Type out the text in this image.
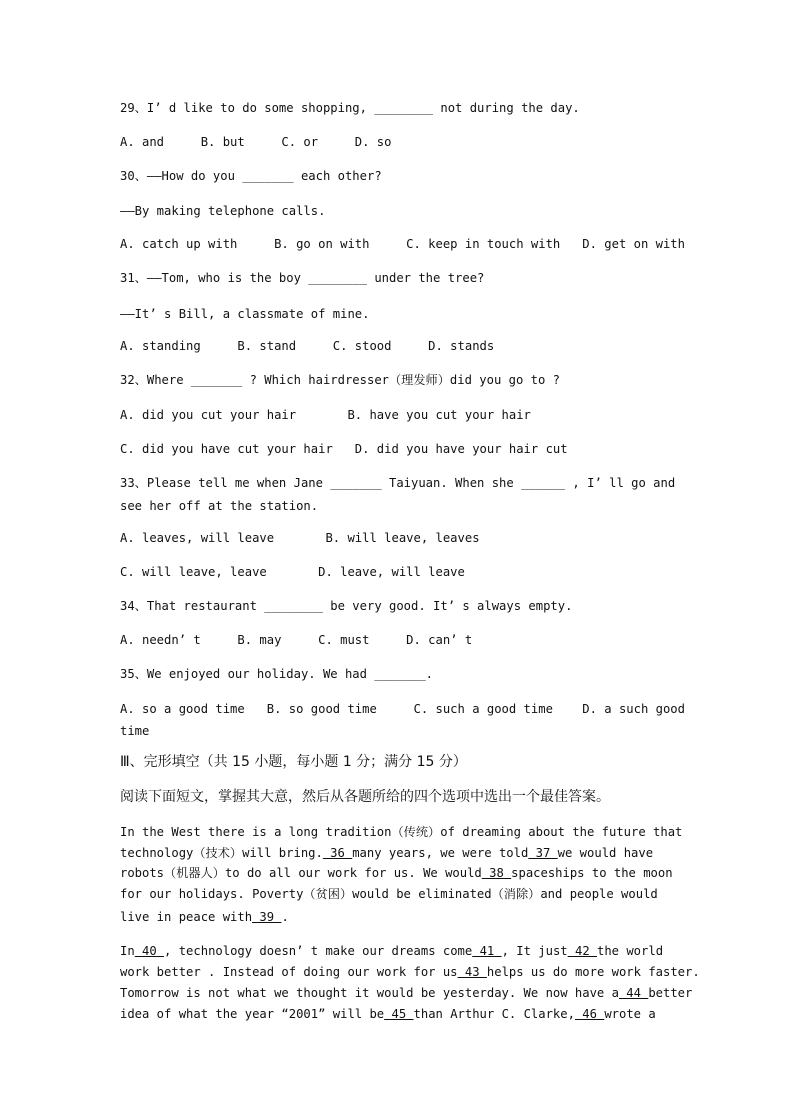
29、I’ d like to do some shopping, ________ not during the day.
A. and     B. but     C. or     D. so
30、——How do you _______ each other?
——By making telephone calls.
A. catch up with     B. go on with     C. keep in touch with   D. get on with
31、——Tom, who is the boy ________ under the tree?
——It’ s Bill, a classmate of mine.
A. standing     B. stand     C. stood     D. stands
32、Where _______ ? Which hairdresser（理发师）did you go to ?
A. did you cut your hair       B. have you cut your hair
C. did you have cut your hair   D. did you have your hair cut
33、Please tell me when Jane _______ Taiyuan. When she ______ , I’ ll go and
see her off at the station.
A. leaves, will leave       B. will leave, leaves
C. will leave, leave       D. leave, will leave
34、That restaurant ________ be very good. It’ s always empty.
A. needn’ t     B. may     C. must     D. can’ t
35、We enjoyed our holiday. We had _______.
A. so a good time   B. so good time     C. such a good time    D. a such good
time
Ⅲ、完形填空（共 15 小题，每小题 1 分；满分 15 分）
阅读下面短文，掌握其大意，然后从各题所给的四个选项中选出一个最佳答案。
In the West there is a long tradition（传统）of dreaming about the future that
technology（技术）will bring. 36 many years, we were told 37 we would have
robots（机器人）to do all our work for us. We would 38 spaceships to the moon
for our holidays. Poverty（贫困）would be eliminated（消除）and people would
live in peace with 39 .
In 40 , technology doesn’ t make our dreams come 41 , It just 42 the world
work better . Instead of doing our work for us 43 helps us do more work faster.
Tomorrow is not what we thought it would be yesterday. We now have a 44 better
idea of what the year “2001” will be 45 than Arthur C. Clarke, 46 wrote a
